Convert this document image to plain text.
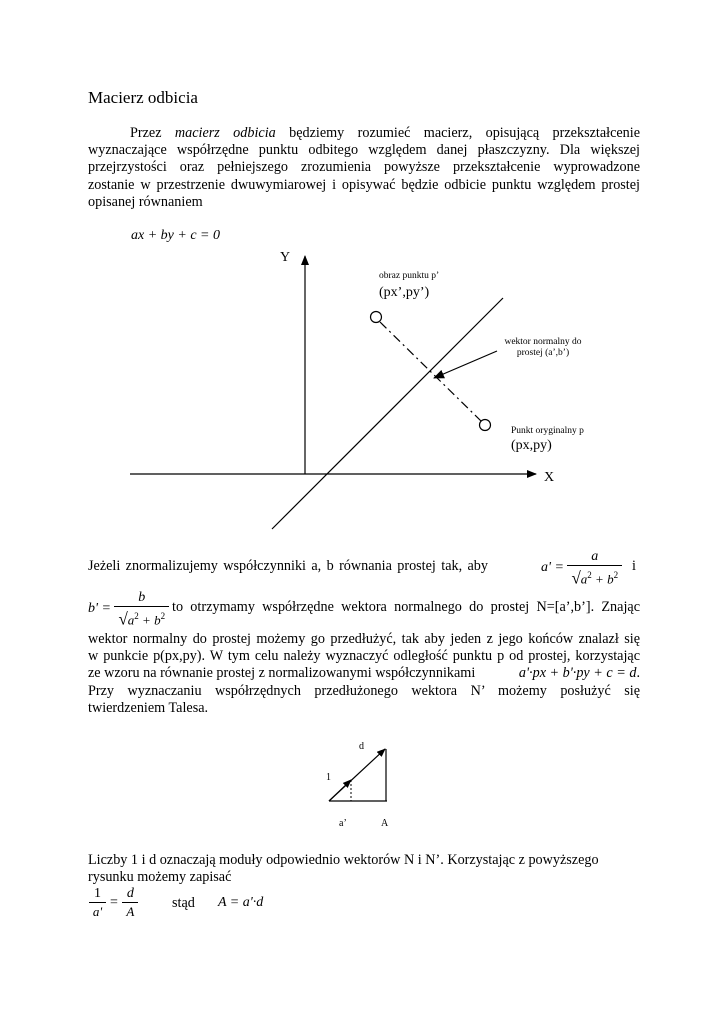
Macierz odbicia
Przez macierz odbicia będziemy rozumieć macierz, opisującą przekształcenie
wyznaczające współrzędne punktu odbitego względem danej płaszczyzny. Dla większej
przejrzystości oraz pełniejszego zrozumienia powyższe przekształcenie wyprowadzone
zostanie w przestrzenie dwuwymiarowej i opisywać będzie odbicie punktu względem prostej
opisanej równaniem
ax + by + c = 0
Y
X
obraz punktu p’
(px’,py’)
wektor normalny do
prostej (a’,b’)
Punkt oryginalny p
(px,py)
Jeżeli znormalizujemy współczynniki a, b równania prostej tak, aby	$a' = \frac{a}{√a^2 + b^2}$ i
$b' = \frac{b}{√a^2 + b^2}$ to otrzymamy współrzędne wektora normalnego do prostej N=[a’,b’]. Znając
wektor normalny do prostej możemy go przedłużyć, tak aby jeden z jego końców znalazł się
w punkcie p(px,py). W tym celu należy wyznaczyć odległość punktu p od prostej, korzystając
ze wzoru na równanie prostej z normalizowanymi współczynnikami	a'·px + b'·py + c = d.
Przy wyznaczaniu współrzędnych przedłużonego wektora N’ możemy posłużyć się
twierdzeniem Talesa.
d
1
a’	A
Liczby 1 i d oznaczają moduły odpowiednio wektorów N i N’. Korzystając z powyższego
rysunku możemy zapisać
$\frac{1}{a'} = \frac{d}{A}$ stąd A = a'·d
